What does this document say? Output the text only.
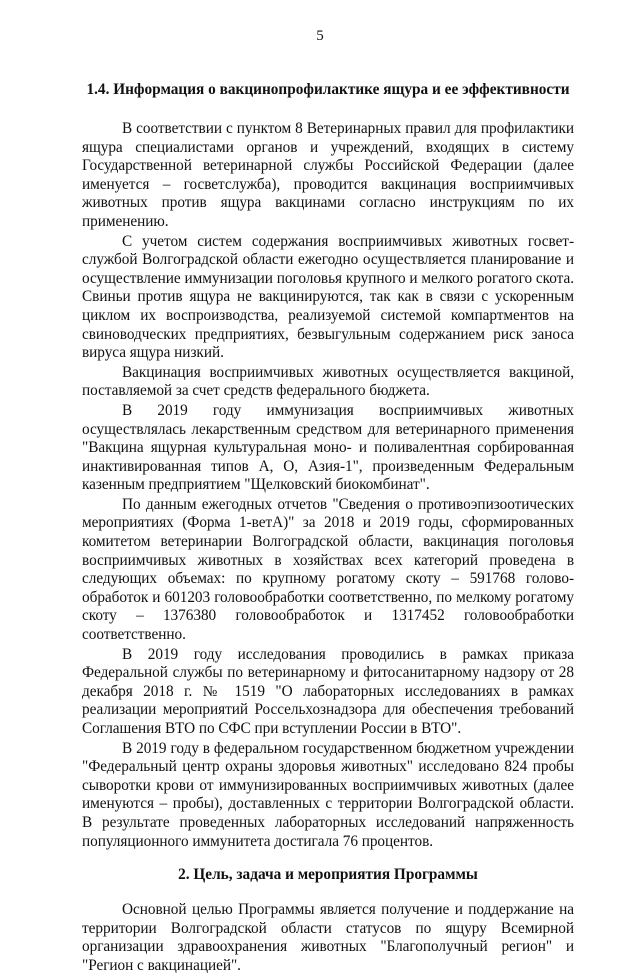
5
1.4. Информация о вакцинопрофилактике ящура и ее эффективности

В соответствии с пунктом 8 Ветеринарных правил для профилактики ящура специалистами органов и учреждений, входящих в систему Государственной ветеринарной службы Российской Федерации (далее именуется – госветслужба), проводится вакцинация восприимчивых животных против ящура вакцинами согласно инструкциям по их применению.

С учетом систем содержания восприимчивых животных госвет-службой Волгоградской области ежегодно осуществляется планирование и осуществление иммунизации поголовья крупного и мелкого рогатого скота. Свиньи против ящура не вакцинируются, так как в связи с ускоренным циклом их воспроизводства, реализуемой системой компартментов на свиноводческих предприятиях, безвыгульным содержанием риск заноса вируса ящура низкий.

Вакцинация восприимчивых животных осуществляется вакциной, поставляемой за счет средств федерального бюджета.

В 2019 году иммунизация восприимчивых животных осуществлялась лекарственным средством для ветеринарного применения "Вакцина ящурная культуральная моно- и поливалентная сорбированная инактивированная типов А, О, Азия-1", произведенным Федеральным казенным предприятием "Щелковский биокомбинат".

По данным ежегодных отчетов "Сведения о противоэпизоотических мероприятиях (Форма 1-ветА)" за 2018 и 2019 годы, сформированных комитетом ветеринарии Волгоградской области, вакцинация поголовья восприимчивых животных в хозяйствах всех категорий проведена в следующих объемах: по крупному рогатому скоту – 591768 голово-обработок и 601203 головообработки соответственно, по мелкому рогатому скоту – 1376380 головообработок и 1317452 головообработки соответственно.

В 2019 году исследования проводились в рамках приказа Федеральной службы по ветеринарному и фитосанитарному надзору от 28 декабря 2018 г. № 1519 "О лабораторных исследованиях в рамках реализации мероприятий Россельхознадзора для обеспечения требований Соглашения ВТО по СФС при вступлении России в ВТО".

В 2019 году в федеральном государственном бюджетном учреждении "Федеральный центр охраны здоровья животных" исследовано 824 пробы сыворотки крови от иммунизированных восприимчивых животных (далее именуются – пробы), доставленных с территории Волгоградской области. В результате проведенных лабораторных исследований напряженность популяционного иммунитета достигала 76 процентов.

2. Цель, задача и мероприятия Программы

Основной целью Программы является получение и поддержание на территории Волгоградской области статусов по ящуру Всемирной организации здравоохранения животных "Благополучный регион" и "Регион с вакцинацией".
